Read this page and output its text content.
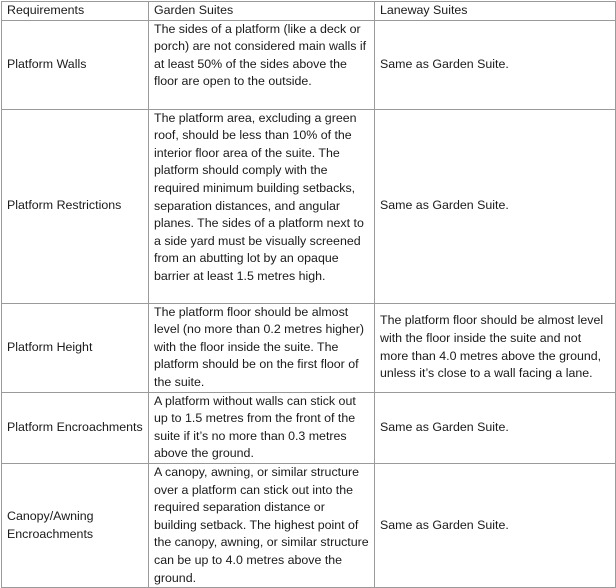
Requirements	Garden Suites	Laneway Suites
Platform Walls	The sides of a platform (like a deck or porch) are not considered main walls if at least 50% of the sides above the floor are open to the outside.	Same as Garden Suite.
Platform Restrictions	The platform area, excluding a green roof, should be less than 10% of the interior floor area of the suite. The platform should comply with the required minimum building setbacks, separation distances, and angular planes. The sides of a platform next to a side yard must be visually screened from an abutting lot by an opaque barrier at least 1.5 metres high.	Same as Garden Suite.
Platform Height	The platform floor should be almost level (no more than 0.2 metres higher) with the floor inside the suite. The platform should be on the first floor of the suite.	The platform floor should be almost level with the floor inside the suite and not more than 4.0 metres above the ground, unless it’s close to a wall facing a lane.
Platform Encroachments	A platform without walls can stick out up to 1.5 metres from the front of the suite if it’s no more than 0.3 metres above the ground.	Same as Garden Suite.
Canopy/Awning Encroachments	A canopy, awning, or similar structure over a platform can stick out into the required separation distance or building setback. The highest point of the canopy, awning, or similar structure can be up to 4.0 metres above the ground.	Same as Garden Suite.
